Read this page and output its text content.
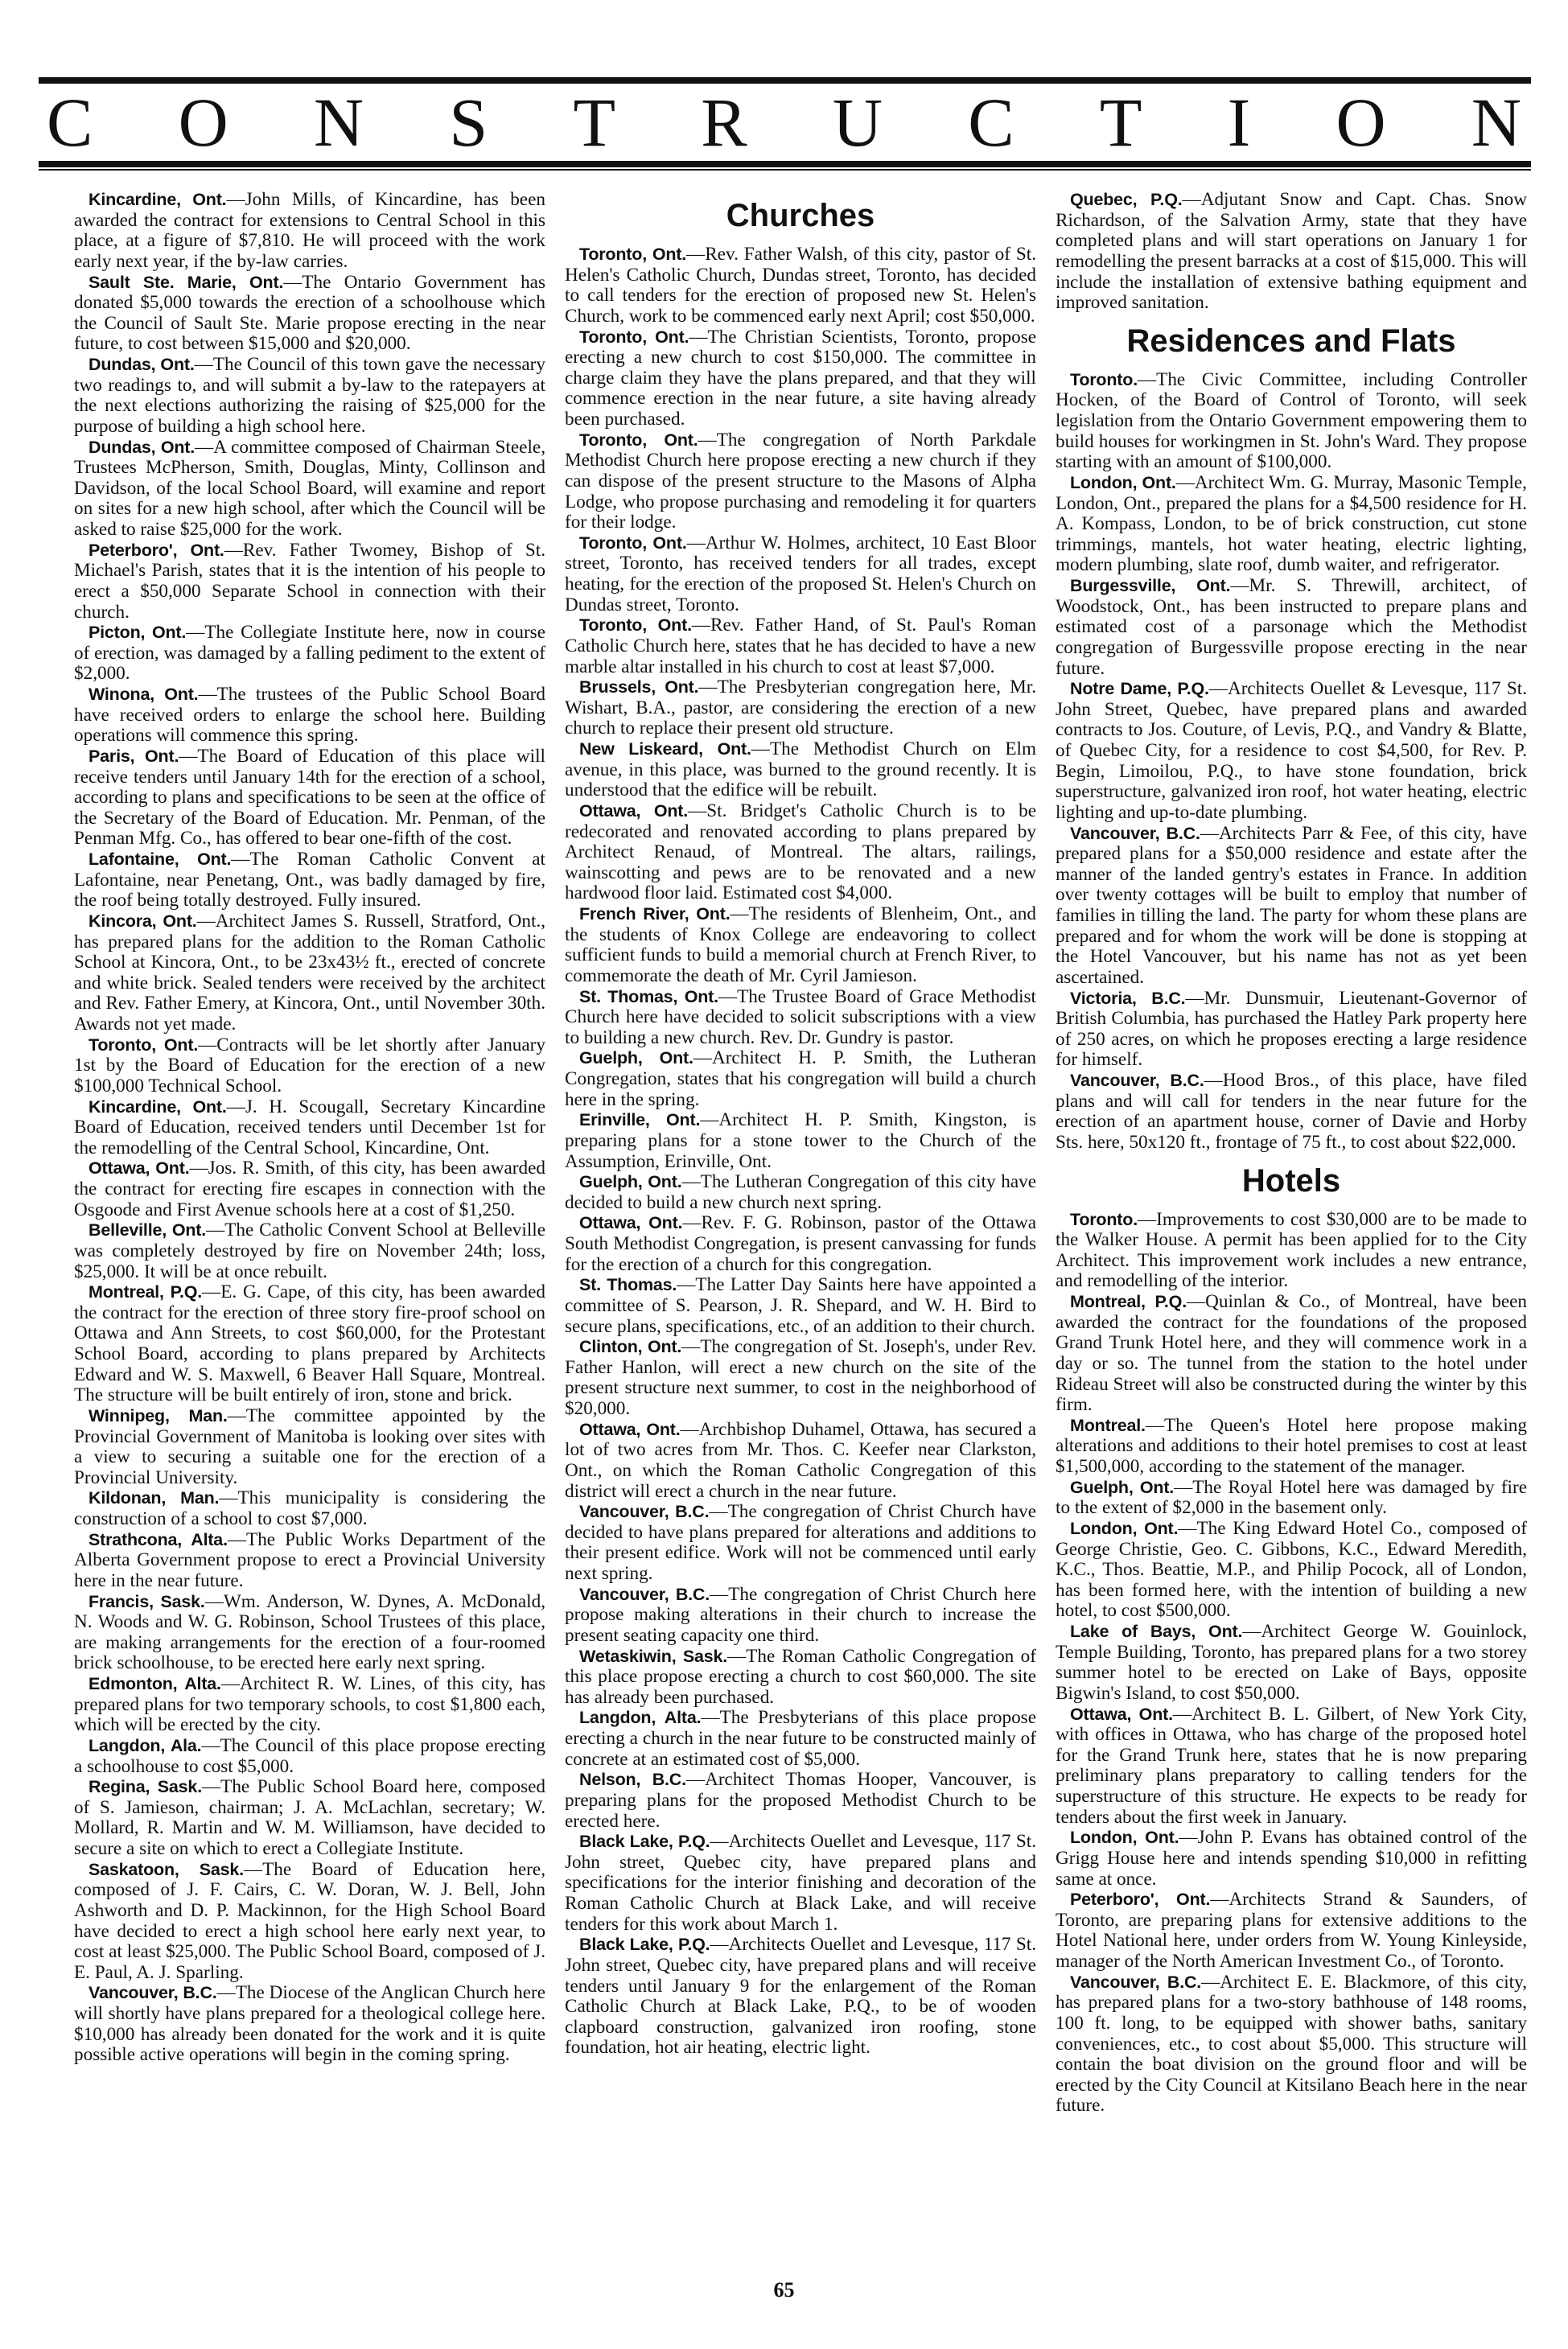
C O N S T R U C T I O N

Kincardine, Ont.—John Mills, of Kincardine, has been awarded the contract for extensions to Central School in this place, at a figure of $7,810. He will proceed with the work early next year, if the by-law carries.

Sault Ste. Marie, Ont.—The Ontario Government has donated $5,000 towards the erection of a schoolhouse which the Council of Sault Ste. Marie propose erecting in the near future, to cost between $15,000 and $20,000.

Dundas, Ont.—The Council of this town gave the necessary two readings to, and will submit a by-law to the ratepayers at the next elections authorizing the raising of $25,000 for the purpose of building a high school here.

Dundas, Ont.—A committee composed of Chairman Steele, Trustees McPherson, Smith, Douglas, Minty, Collinson and Davidson, of the local School Board, will examine and report on sites for a new high school, after which the Council will be asked to raise $25,000 for the work.

Peterboro', Ont.—Rev. Father Twomey, Bishop of St. Michael's Parish, states that it is the intention of his people to erect a $50,000 Separate School in connection with their church.

Picton, Ont.—The Collegiate Institute here, now in course of erection, was damaged by a falling pediment to the extent of $2,000.

Winona, Ont.—The trustees of the Public School Board have received orders to enlarge the school here. Building operations will commence this spring.

Paris, Ont.—The Board of Education of this place will receive tenders until January 14th for the erection of a school, according to plans and specifications to be seen at the office of the Secretary of the Board of Education. Mr. Penman, of the Penman Mfg. Co., has offered to bear one-fifth of the cost.

Lafontaine, Ont.—The Roman Catholic Convent at Lafontaine, near Penetang, Ont., was badly damaged by fire, the roof being totally destroyed. Fully insured.

Kincora, Ont.—Architect James S. Russell, Stratford, Ont., has prepared plans for the addition to the Roman Catholic School at Kincora, Ont., to be 23x43½ ft., erected of concrete and white brick. Sealed tenders were received by the architect and Rev. Father Emery, at Kincora, Ont., until November 30th. Awards not yet made.

Toronto, Ont.—Contracts will be let shortly after January 1st by the Board of Education for the erection of a new $100,000 Technical School.

Kincardine, Ont.—J. H. Scougall, Secretary Kincardine Board of Education, received tenders until December 1st for the remodelling of the Central School, Kincardine, Ont.

Ottawa, Ont.—Jos. R. Smith, of this city, has been awarded the contract for erecting fire escapes in connection with the Osgoode and First Avenue schools here at a cost of $1,250.

Belleville, Ont.—The Catholic Convent School at Belleville was completely destroyed by fire on November 24th; loss, $25,000. It will be at once rebuilt.

Montreal, P.Q.—E. G. Cape, of this city, has been awarded the contract for the erection of three story fire-proof school on Ottawa and Ann Streets, to cost $60,000, for the Protestant School Board, according to plans prepared by Architects Edward and W. S. Maxwell, 6 Beaver Hall Square, Montreal. The structure will be built entirely of iron, stone and brick.

Winnipeg, Man.—The committee appointed by the Provincial Government of Manitoba is looking over sites with a view to securing a suitable one for the erection of a Provincial University.

Kildonan, Man.—This municipality is considering the construction of a school to cost $7,000.

Strathcona, Alta.—The Public Works Department of the Alberta Government propose to erect a Provincial University here in the near future.

Francis, Sask.—Wm. Anderson, W. Dynes, A. McDonald, N. Woods and W. G. Robinson, School Trustees of this place, are making arrangements for the erection of a four-roomed brick schoolhouse, to be erected here early next spring.

Edmonton, Alta.—Architect R. W. Lines, of this city, has prepared plans for two temporary schools, to cost $1,800 each, which will be erected by the city.

Langdon, Ala.—The Council of this place propose erecting a schoolhouse to cost $5,000.

Regina, Sask.—The Public School Board here, composed of S. Jamieson, chairman; J. A. McLachlan, secretary; W. Mollard, R. Martin and W. M. Williamson, have decided to secure a site on which to erect a Collegiate Institute.

Saskatoon, Sask.—The Board of Education here, composed of J. F. Cairs, C. W. Doran, W. J. Bell, John Ashworth and D. P. Mackinnon, for the High School Board have decided to erect a high school here early next year, to cost at least $25,000. The Public School Board, composed of J. E. Paul, A. J. Sparling.

Vancouver, B.C.—The Diocese of the Anglican Church here will shortly have plans prepared for a theological college here. $10,000 has already been donated for the work and it is quite possible active operations will begin in the coming spring.

Churches

Toronto, Ont.—Rev. Father Walsh, of this city, pastor of St. Helen's Catholic Church, Dundas street, Toronto, has decided to call tenders for the erection of proposed new St. Helen's Church, work to be commenced early next April; cost $50,000.

Toronto, Ont.—The Christian Scientists, Toronto, propose erecting a new church to cost $150,000. The committee in charge claim they have the plans prepared, and that they will commence erection in the near future, a site having already been purchased.

Toronto, Ont.—The congregation of North Parkdale Methodist Church here propose erecting a new church if they can dispose of the present structure to the Masons of Alpha Lodge, who propose purchasing and remodeling it for quarters for their lodge.

Toronto, Ont.—Arthur W. Holmes, architect, 10 East Bloor street, Toronto, has received tenders for all trades, except heating, for the erection of the proposed St. Helen's Church on Dundas street, Toronto.

Toronto, Ont.—Rev. Father Hand, of St. Paul's Roman Catholic Church here, states that he has decided to have a new marble altar installed in his church to cost at least $7,000.

Brussels, Ont.—The Presbyterian congregation here, Mr. Wishart, B.A., pastor, are considering the erection of a new church to replace their present old structure.

New Liskeard, Ont.—The Methodist Church on Elm avenue, in this place, was burned to the ground recently. It is understood that the edifice will be rebuilt.

Ottawa, Ont.—St. Bridget's Catholic Church is to be redecorated and renovated according to plans prepared by Architect Renaud, of Montreal. The altars, railings, wainscotting and pews are to be renovated and a new hardwood floor laid. Estimated cost $4,000.

French River, Ont.—The residents of Blenheim, Ont., and the students of Knox College are endeavoring to collect sufficient funds to build a memorial church at French River, to commemorate the death of Mr. Cyril Jamieson.

St. Thomas, Ont.—The Trustee Board of Grace Methodist Church here have decided to solicit subscriptions with a view to building a new church. Rev. Dr. Gundry is pastor.

Guelph, Ont.—Architect H. P. Smith, the Lutheran Congregation, states that his congregation will build a church here in the spring.

Erinville, Ont.—Architect H. P. Smith, Kingston, is preparing plans for a stone tower to the Church of the Assumption, Erinville, Ont.

Guelph, Ont.—The Lutheran Congregation of this city have decided to build a new church next spring.

Ottawa, Ont.—Rev. F. G. Robinson, pastor of the Ottawa South Methodist Congregation, is present canvassing for funds for the erection of a church for this congregation.

St. Thomas.—The Latter Day Saints here have appointed a committee of S. Pearson, J. R. Shepard, and W. H. Bird to secure plans, specifications, etc., of an addition to their church.

Clinton, Ont.—The congregation of St. Joseph's, under Rev. Father Hanlon, will erect a new church on the site of the present structure next summer, to cost in the neighborhood of $20,000.

Ottawa, Ont.—Archbishop Duhamel, Ottawa, has secured a lot of two acres from Mr. Thos. C. Keefer near Clarkston, Ont., on which the Roman Catholic Congregation of this district will erect a church in the near future.

Vancouver, B.C.—The congregation of Christ Church have decided to have plans prepared for alterations and additions to their present edifice. Work will not be commenced until early next spring.

Vancouver, B.C.—The congregation of Christ Church here propose making alterations in their church to increase the present seating capacity one third.

Wetaskiwin, Sask.—The Roman Catholic Congregation of this place propose erecting a church to cost $60,000. The site has already been purchased.

Langdon, Alta.—The Presbyterians of this place propose erecting a church in the near future to be constructed mainly of concrete at an estimated cost of $5,000.

Nelson, B.C.—Architect Thomas Hooper, Vancouver, is preparing plans for the proposed Methodist Church to be erected here.

Black Lake, P.Q.—Architects Ouellet and Levesque, 117 St. John street, Quebec city, have prepared plans and specifications for the interior finishing and decoration of the Roman Catholic Church at Black Lake, and will receive tenders for this work about March 1.

Black Lake, P.Q.—Architects Ouellet and Levesque, 117 St. John street, Quebec city, have prepared plans and will receive tenders until January 9 for the enlargement of the Roman Catholic Church at Black Lake, P.Q., to be of wooden clapboard construction, galvanized iron roofing, stone foundation, hot air heating, electric light.

Quebec, P.Q.—Adjutant Snow and Capt. Chas. Snow Richardson, of the Salvation Army, state that they have completed plans and will start operations on January 1 for remodelling the present barracks at a cost of $15,000. This will include the installation of extensive bathing equipment and improved sanitation.

Residences and Flats

Toronto.—The Civic Committee, including Controller Hocken, of the Board of Control of Toronto, will seek legislation from the Ontario Government empowering them to build houses for workingmen in St. John's Ward. They propose starting with an amount of $100,000.

London, Ont.—Architect Wm. G. Murray, Masonic Temple, London, Ont., prepared the plans for a $4,500 residence for H. A. Kompass, London, to be of brick construction, cut stone trimmings, mantels, hot water heating, electric lighting, modern plumbing, slate roof, dumb waiter, and refrigerator.

Burgessville, Ont.—Mr. S. Threwill, architect, of Woodstock, Ont., has been instructed to prepare plans and estimated cost of a parsonage which the Methodist congregation of Burgessville propose erecting in the near future.

Notre Dame, P.Q.—Architects Ouellet & Levesque, 117 St. John Street, Quebec, have prepared plans and awarded contracts to Jos. Couture, of Levis, P.Q., and Vandry & Blatte, of Quebec City, for a residence to cost $4,500, for Rev. P. Begin, Limoilou, P.Q., to have stone foundation, brick superstructure, galvanized iron roof, hot water heating, electric lighting and up-to-date plumbing.

Vancouver, B.C.—Architects Parr & Fee, of this city, have prepared plans for a $50,000 residence and estate after the manner of the landed gentry's estates in France. In addition over twenty cottages will be built to employ that number of families in tilling the land. The party for whom these plans are prepared and for whom the work will be done is stopping at the Hotel Vancouver, but his name has not as yet been ascertained.

Victoria, B.C.—Mr. Dunsmuir, Lieutenant-Governor of British Columbia, has purchased the Hatley Park property here of 250 acres, on which he proposes erecting a large residence for himself.

Vancouver, B.C.—Hood Bros., of this place, have filed plans and will call for tenders in the near future for the erection of an apartment house, corner of Davie and Horby Sts. here, 50x120 ft., frontage of 75 ft., to cost about $22,000.

Hotels

Toronto.—Improvements to cost $30,000 are to be made to the Walker House. A permit has been applied for to the City Architect. This improvement work includes a new entrance, and remodelling of the interior.

Montreal, P.Q.—Quinlan & Co., of Montreal, have been awarded the contract for the foundations of the proposed Grand Trunk Hotel here, and they will commence work in a day or so. The tunnel from the station to the hotel under Rideau Street will also be constructed during the winter by this firm.

Montreal.—The Queen's Hotel here propose making alterations and additions to their hotel premises to cost at least $1,500,000, according to the statement of the manager.

Guelph, Ont.—The Royal Hotel here was damaged by fire to the extent of $2,000 in the basement only.

London, Ont.—The King Edward Hotel Co., composed of George Christie, Geo. C. Gibbons, K.C., Edward Meredith, K.C., Thos. Beattie, M.P., and Philip Pocock, all of London, has been formed here, with the intention of building a new hotel, to cost $500,000.

Lake of Bays, Ont.—Architect George W. Gouinlock, Temple Building, Toronto, has prepared plans for a two storey summer hotel to be erected on Lake of Bays, opposite Bigwin's Island, to cost $50,000.

Ottawa, Ont.—Architect B. L. Gilbert, of New York City, with offices in Ottawa, who has charge of the proposed hotel for the Grand Trunk here, states that he is now preparing preliminary plans preparatory to calling tenders for the superstructure of this structure. He expects to be ready for tenders about the first week in January.

London, Ont.—John P. Evans has obtained control of the Grigg House here and intends spending $10,000 in refitting same at once.

Peterboro', Ont.—Architects Strand & Saunders, of Toronto, are preparing plans for extensive additions to the Hotel National here, under orders from W. Young Kinleyside, manager of the North American Investment Co., of Toronto.

Vancouver, B.C.—Architect E. E. Blackmore, of this city, has prepared plans for a two-story bathhouse of 148 rooms, 100 ft. long, to be equipped with shower baths, sanitary conveniences, etc., to cost about $5,000. This structure will contain the boat division on the ground floor and will be erected by the City Council at Kitsilano Beach here in the near future.

65
